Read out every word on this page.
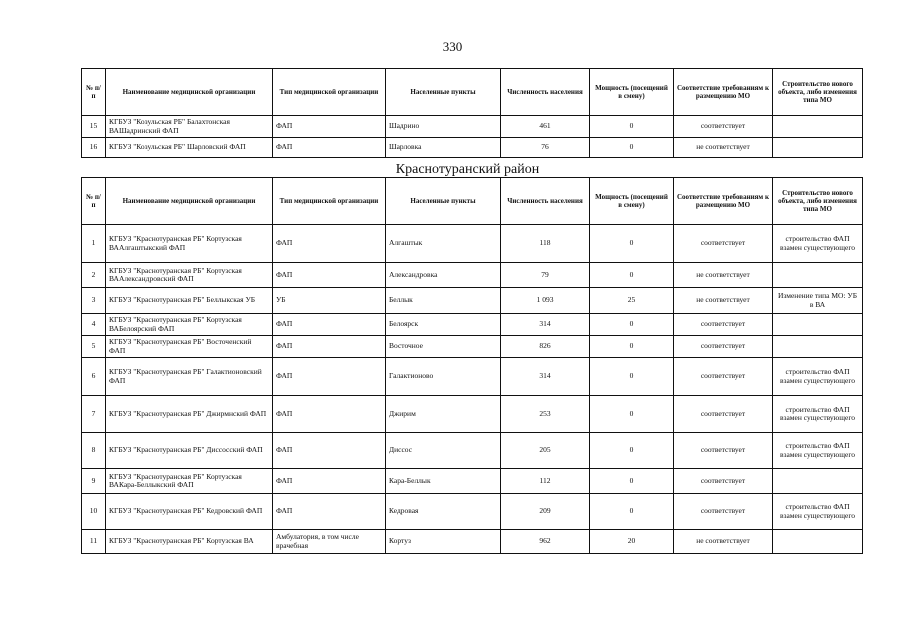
330
№ п/п	Наименование медицинской организации	Тип медицинской организации	Населенные пункты	Численность населения	Мощность (посещений в смену)	Соответствие требованиям к размещению МО	Строительство нового объекта, либо изменения типа МО
15	КГБУЗ "Козульская РБ" Балахтонская ВАШадринский ФАП	ФАП	Шадрино	461	0	соответствует	
16	КГБУЗ "Козульская РБ" Шарловский ФАП	ФАП	Шарловка	76	0	не соответствует	
Краснотуранский район
№ п/п	Наименование медицинской организации	Тип медицинской организации	Населенные пункты	Численность населения	Мощность (посещений в смену)	Соответствие требованиям к размещению МО	Строительство нового объекта, либо изменения типа МО
1	КГБУЗ "Краснотуранская РБ" Кортузская ВААлгаштыкский ФАП	ФАП	Алгаштык	118	0	соответствует	строительство ФАП взамен существующего
2	КГБУЗ "Краснотуранская РБ" Кортузская ВААлександровский ФАП	ФАП	Александровка	79	0	не соответствует	
3	КГБУЗ "Краснотуранская РБ" Беллыкская УБ	УБ	Беллык	1 093	25	не соответствует	Изменение типа МО: УБ в ВА
4	КГБУЗ "Краснотуранская РБ" Кортузская ВАБелоярский ФАП	ФАП	Белоярск	314	0	соответствует	
5	КГБУЗ "Краснотуранская РБ" Восточенский ФАП	ФАП	Восточное	826	0	соответствует	
6	КГБУЗ "Краснотуранская РБ" Галактионовский ФАП	ФАП	Галактионово	314	0	соответствует	строительство ФАП взамен существующего
7	КГБУЗ "Краснотуранская РБ" Джирмнский ФАП	ФАП	Джирим	253	0	соответствует	строительство ФАП взамен существующего
8	КГБУЗ "Краснотуранская РБ" Диссосский ФАП	ФАП	Диссос	205	0	соответствует	строительство ФАП взамен существующего
9	КГБУЗ "Краснотуранская РБ" Кортузская ВАКара-Беллыкский ФАП	ФАП	Кара-Беллык	112	0	соответствует	
10	КГБУЗ "Краснотуранская РБ" Кедровский ФАП	ФАП	Кедровая	209	0	соответствует	строительство ФАП взамен существующего
11	КГБУЗ "Краснотуранская РБ" Кортузская ВА	Амбулатория, в том числе врачебная	Кортуз	962	20	не соответствует	
